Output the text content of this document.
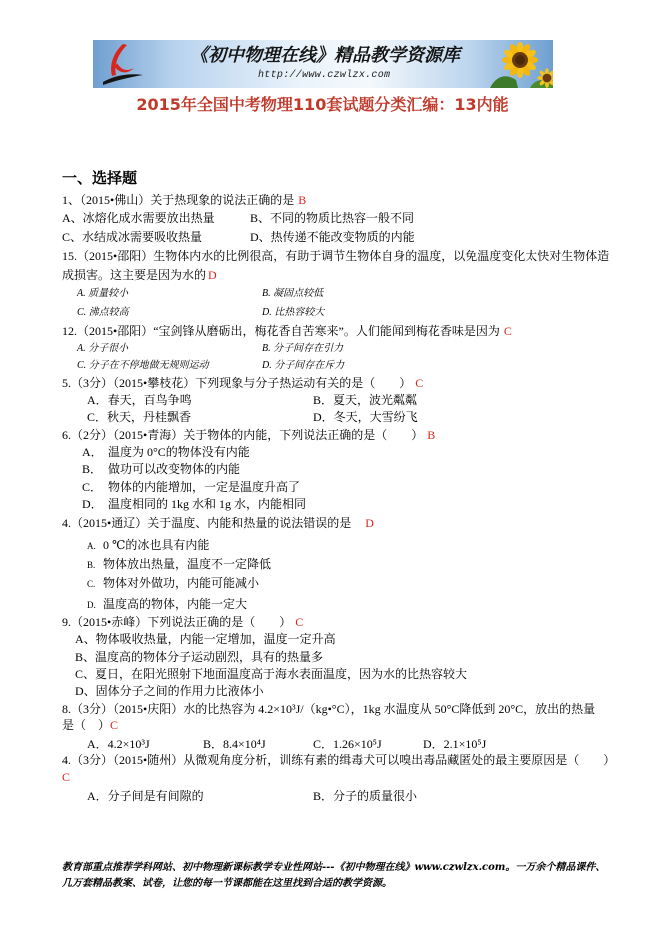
《初中物理在线》精品教学资源库
http://www.czwlzx.com
2015年全国中考物理110套试题分类汇编：13内能
一、选择题
1、（2015•佛山）关于热现象的说法正确的是 B
A、冰熔化成水需要放出热量	B、不同的物质比热容一般不同
C、水结成冰需要吸收热量	D、热传递不能改变物质的内能
15.（2015•邵阳）生物体内水的比例很高，有助于调节生物体自身的温度，以免温度变化太快对生物体造
成损害。这主要是因为水的 D
A. 质量较小	B. 凝固点较低
C. 沸点较高	D. 比热容较大
12.（2015•邵阳）“宝剑锋从磨砺出，梅花香自苦寒来”。人们能闻到梅花香味是因为 C
A. 分子很小	B. 分子间存在引力
C. 分子在不停地做无规则运动	D. 分子间存在斥力
5.（3分）（2015•攀枝花）下列现象与分子热运动有关的是（　　） C
A．春天，百鸟争鸣	B．夏天，波光粼粼
C．秋天，丹桂飘香	D．冬天，大雪纷飞
6.（2分）（2015•青海）关于物体的内能，下列说法正确的是（　　） B
A． 温度为 0°C的物体没有内能
B． 做功可以改变物体的内能
C． 物体的内能增加，一定是温度升高了
D． 温度相同的 1kg 水和 1g 水，内能相同
4.（2015•通辽）关于温度、内能和热量的说法错误的是 D
A. 0 ℃的冰也具有内能
B. 物体放出热量，温度不一定降低
C. 物体对外做功，内能可能减小
D. 温度高的物体，内能一定大
9.（2015•赤峰）下列说法正确的是（　　） C
A、物体吸收热量，内能一定增加，温度一定升高
B、温度高的物体分子运动剧烈，具有的热量多
C、夏日，在阳光照射下地面温度高于海水表面温度，因为水的比热容较大
D、固体分子之间的作用力比液体小
8.（3分）（2015•庆阳）水的比热容为 4.2×10³J/（kg•°C），1kg 水温度从 50°C降低到 20°C，放出的热量
是（　）C
A．4.2×10³J	B．8.4×10⁴J	C．1.26×10⁵J	D．2.1×10⁵J
4.（3分）（2015•随州）从微观角度分析，训练有素的缉毒犬可以嗅出毒品藏匿处的最主要原因是（　　）
C
A．分子间是有间隙的	B．分子的质量很小
教育部重点推荐学科网站、初中物理新课标教学专业性网站---《初中物理在线》www.czwlzx.com。一万余个精品课件、
几万套精品教案、试卷，让您的每一节课都能在这里找到合适的教学资源。
